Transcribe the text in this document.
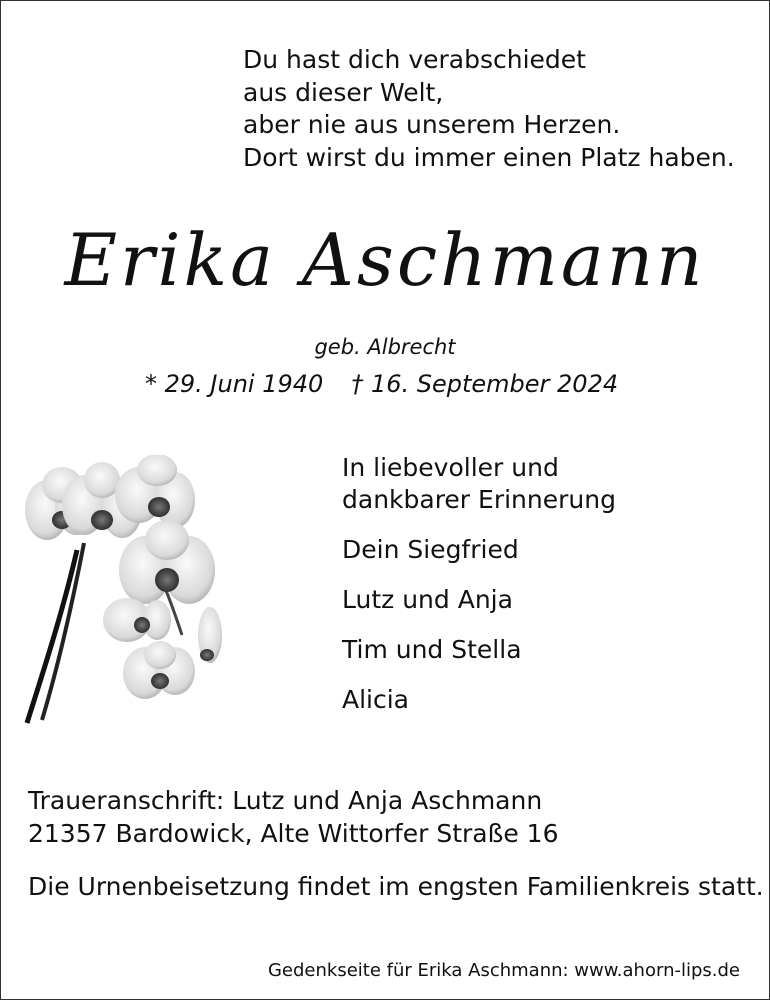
Du hast dich verabschiedet
aus dieser Welt,
aber nie aus unserem Herzen.
Dort wirst du immer einen Platz haben.
Erika Aschmann
geb. Albrecht
* 29. Juni 1940 † 16. September 2024
In liebevoller und
dankbarer Erinnerung
Dein Siegfried
Lutz und Anja
Tim und Stella
Alicia
Traueranschrift: Lutz und Anja Aschmann
21357 Bardowick, Alte Wittorfer Straße 16
Die Urnenbeisetzung findet im engsten Familienkreis statt.
Gedenkseite für Erika Aschmann: www.ahorn-lips.de
